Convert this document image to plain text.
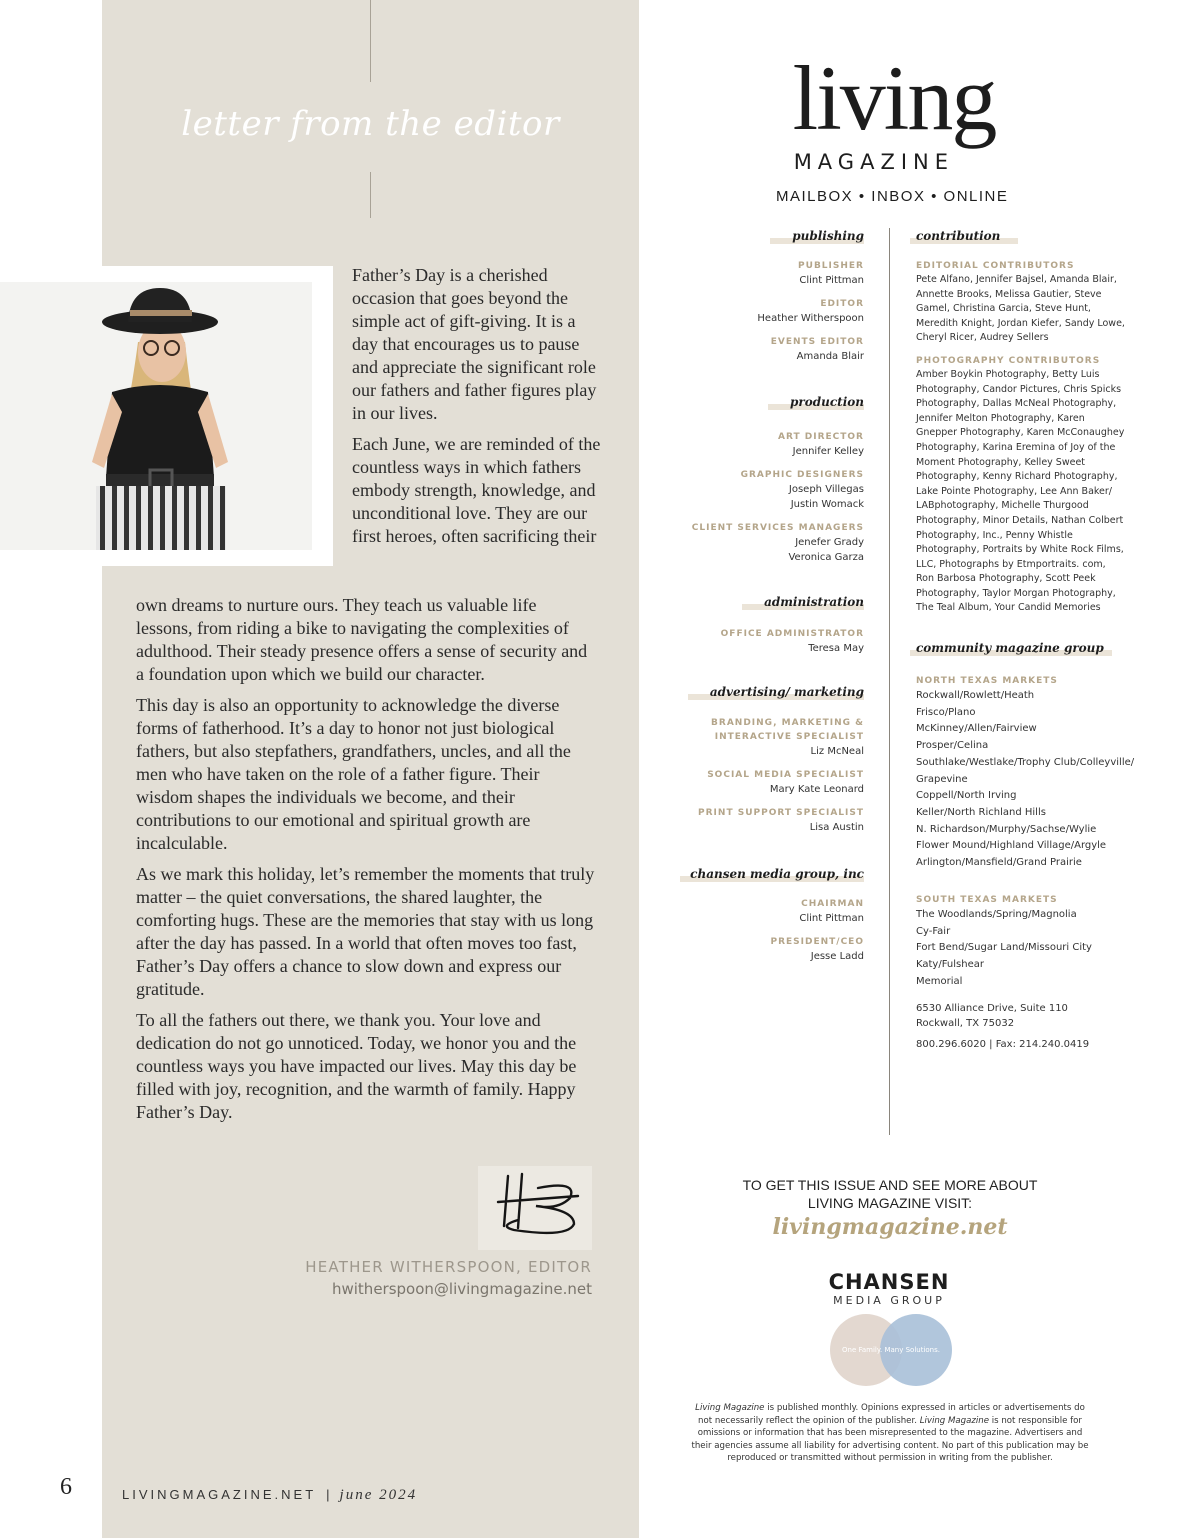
letter from the editor

Father’s Day is a cherished occasion that goes beyond the simple act of gift-giving. It is a day that encourages us to pause and appreciate the significant role our fathers and father figures play in our lives.

Each June, we are reminded of the countless ways in which fathers embody strength, knowledge, and unconditional love. They are our first heroes, often sacrificing their

own dreams to nurture ours. They teach us valuable life lessons, from riding a bike to navigating the complexities of adulthood. Their steady presence offers a sense of security and a foundation upon which we build our character.

This day is also an opportunity to acknowledge the diverse forms of fatherhood. It’s a day to honor not just biological fathers, but also stepfathers, grandfathers, uncles, and all the men who have taken on the role of a father figure. Their wisdom shapes the individuals we become, and their contributions to our emotional and spiritual growth are incalculable.

As we mark this holiday, let’s remember the moments that truly matter – the quiet conversations, the shared laughter, the comforting hugs. These are the memories that stay with us long after the day has passed. In a world that often moves too fast, Father’s Day offers a chance to slow down and express our gratitude.

To all the fathers out there, we thank you. Your love and dedication do not go unnoticed. Today, we honor you and the countless ways you have impacted our lives. May this day be filled with joy, recognition, and the warmth of family. Happy Father’s Day.

HEATHER WITHERSPOON, EDITOR
hwitherspoon@livingmagazine.net
6	LIVINGMAGAZINE.NET | june 2024
living
MAGAZINE
MAILBOX • INBOX • ONLINE
publishing
PUBLISHER
Clint Pittman
EDITOR
Heather Witherspoon
EVENTS EDITOR
Amanda Blair
production
ART DIRECTOR
Jennifer Kelley
GRAPHIC DESIGNERS
Joseph Villegas
Justin Womack
CLIENT SERVICES MANAGERS
Jenefer Grady
Veronica Garza
administration
OFFICE ADMINISTRATOR
Teresa May
advertising/ marketing
BRANDING, MARKETING &
INTERACTIVE SPECIALIST
Liz McNeal
SOCIAL MEDIA SPECIALIST
Mary Kate Leonard
PRINT SUPPORT SPECIALIST
Lisa Austin
chansen media group, inc
CHAIRMAN
Clint Pittman
PRESIDENT/CEO
Jesse Ladd
contribution
EDITORIAL CONTRIBUTORS
Pete Alfano, Jennifer Bajsel, Amanda Blair, Annette Brooks, Melissa Gautier, Steve Gamel, Christina Garcia, Steve Hunt, Meredith Knight, Jordan Kiefer, Sandy Lowe, Cheryl Ricer, Audrey Sellers
PHOTOGRAPHY CONTRIBUTORS
Amber Boykin Photography, Betty Luis Photography, Candor Pictures, Chris Spicks Photography, Dallas McNeal Photography, Jennifer Melton Photography, Karen Gnepper Photography, Karen McConaughey Photography, Karina Eremina of Joy of the Moment Photography, Kelley Sweet Photography, Kenny Richard Photography, Lake Pointe Photography, Lee Ann Baker/ LABphotography, Michelle Thurgood Photography, Minor Details, Nathan Colbert Photography, Inc., Penny Whistle Photography, Portraits by White Rock Films, LLC, Photographs by Etmportraits. com, Ron Barbosa Photography, Scott Peek Photography, Taylor Morgan Photography, The Teal Album, Your Candid Memories
community magazine group
NORTH TEXAS MARKETS
Rockwall/Rowlett/Heath
Frisco/Plano
McKinney/Allen/Fairview
Prosper/Celina
Southlake/Westlake/Trophy Club/Colleyville/
Grapevine
Coppell/North Irving
Keller/North Richland Hills
N. Richardson/Murphy/Sachse/Wylie
Flower Mound/Highland Village/Argyle
Arlington/Mansfield/Grand Prairie
SOUTH TEXAS MARKETS
The Woodlands/Spring/Magnolia
Cy-Fair
Fort Bend/Sugar Land/Missouri City
Katy/Fulshear
Memorial
6530 Alliance Drive, Suite 110
Rockwall, TX 75032
800.296.6020 | Fax: 214.240.0419
TO GET THIS ISSUE AND SEE MORE ABOUT
LIVING MAGAZINE VISIT:
livingmagazine.net
CHANSEN
MEDIA GROUP
One Family. Many Solutions.
Living Magazine is published monthly. Opinions expressed in articles or advertisements do not necessarily reflect the opinion of the publisher. Living Magazine is not responsible for omissions or information that has been misrepresented to the magazine. Advertisers and their agencies assume all liability for advertising content. No part of this publication may be reproduced or transmitted without permission in writing from the publisher.
